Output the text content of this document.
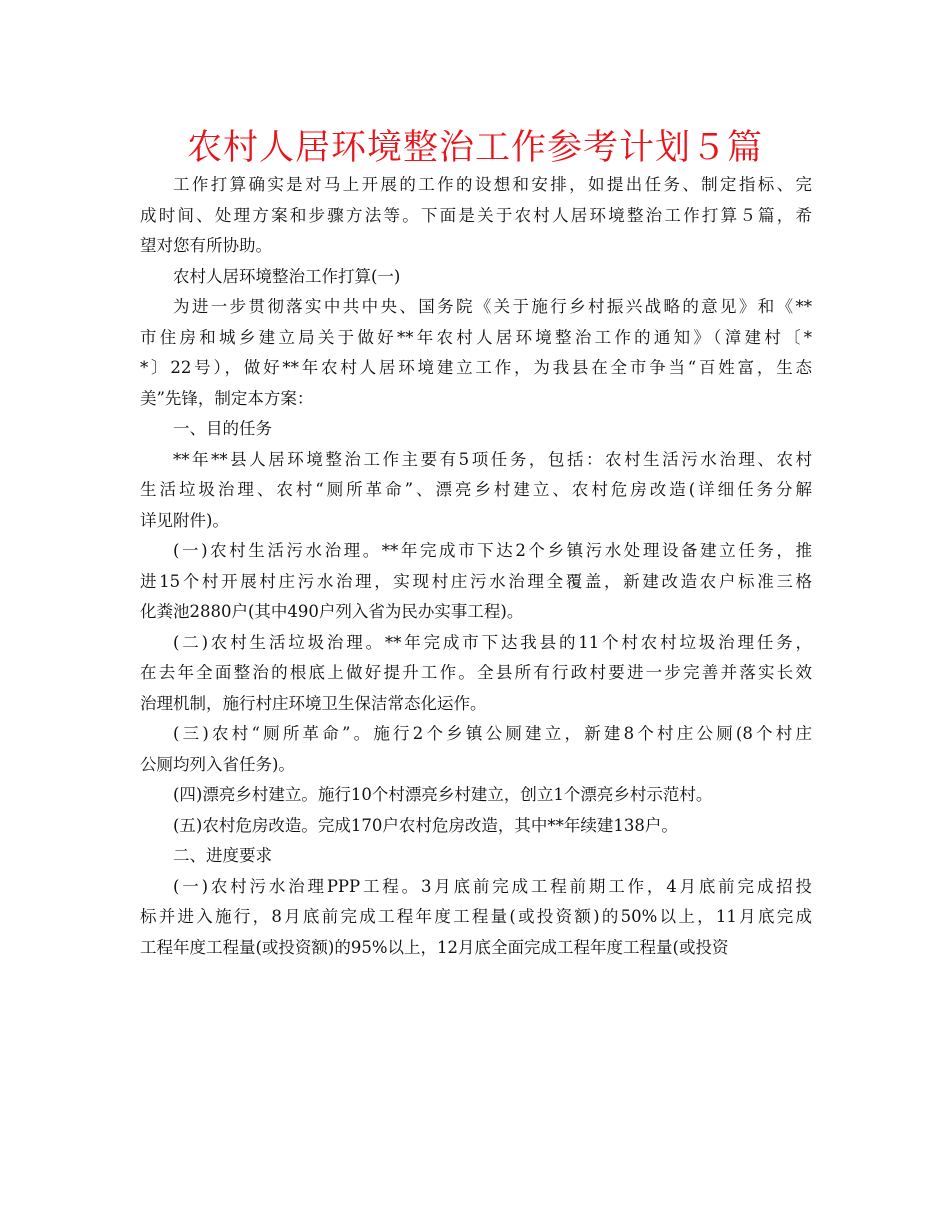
农村人居环境整治工作参考计划５篇

工作打算确实是对马上开展的工作的设想和安排，如提出任务、制定指标、完
成时间、处理方案和步骤方法等。下面是关于农村人居环境整治工作打算５篇，希
望对您有所协助。

农村人居环境整治工作打算(一)

为进一步贯彻落实中共中央、国务院《关于施行乡村振兴战略的意见》和《**
市住房和城乡建立局关于做好**年农村人居环境整治工作的通知》（漳建村〔*
*〕22号），做好**年农村人居环境建立工作，为我县在全市争当“百姓富，生态
美”先锋，制定本方案：

一、目的任务

**年**县人居环境整治工作主要有5项任务，包括：农村生活污水治理、农村
生活垃圾治理、农村“厕所革命”、漂亮乡村建立、农村危房改造(详细任务分解
详见附件)。

(一)农村生活污水治理。**年完成市下达2个乡镇污水处理设备建立任务，推
进15个村开展村庄污水治理，实现村庄污水治理全覆盖，新建改造农户标准三格
化粪池2880户(其中490户列入省为民办实事工程)。

(二)农村生活垃圾治理。**年完成市下达我县的11个村农村垃圾治理任务，
在去年全面整治的根底上做好提升工作。全县所有行政村要进一步完善并落实长效
治理机制，施行村庄环境卫生保洁常态化运作。

(三)农村“厕所革命”。施行2个乡镇公厕建立，新建8个村庄公厕(8个村庄
公厕均列入省任务)。

(四)漂亮乡村建立。施行10个村漂亮乡村建立，创立1个漂亮乡村示范村。

(五)农村危房改造。完成170户农村危房改造，其中**年续建138户。

二、进度要求

(一)农村污水治理PPP工程。3月底前完成工程前期工作，4月底前完成招投
标并进入施行，8月底前完成工程年度工程量(或投资额)的50%以上，11月底完成
工程年度工程量(或投资额)的95%以上，12月底全面完成工程年度工程量(或投资
